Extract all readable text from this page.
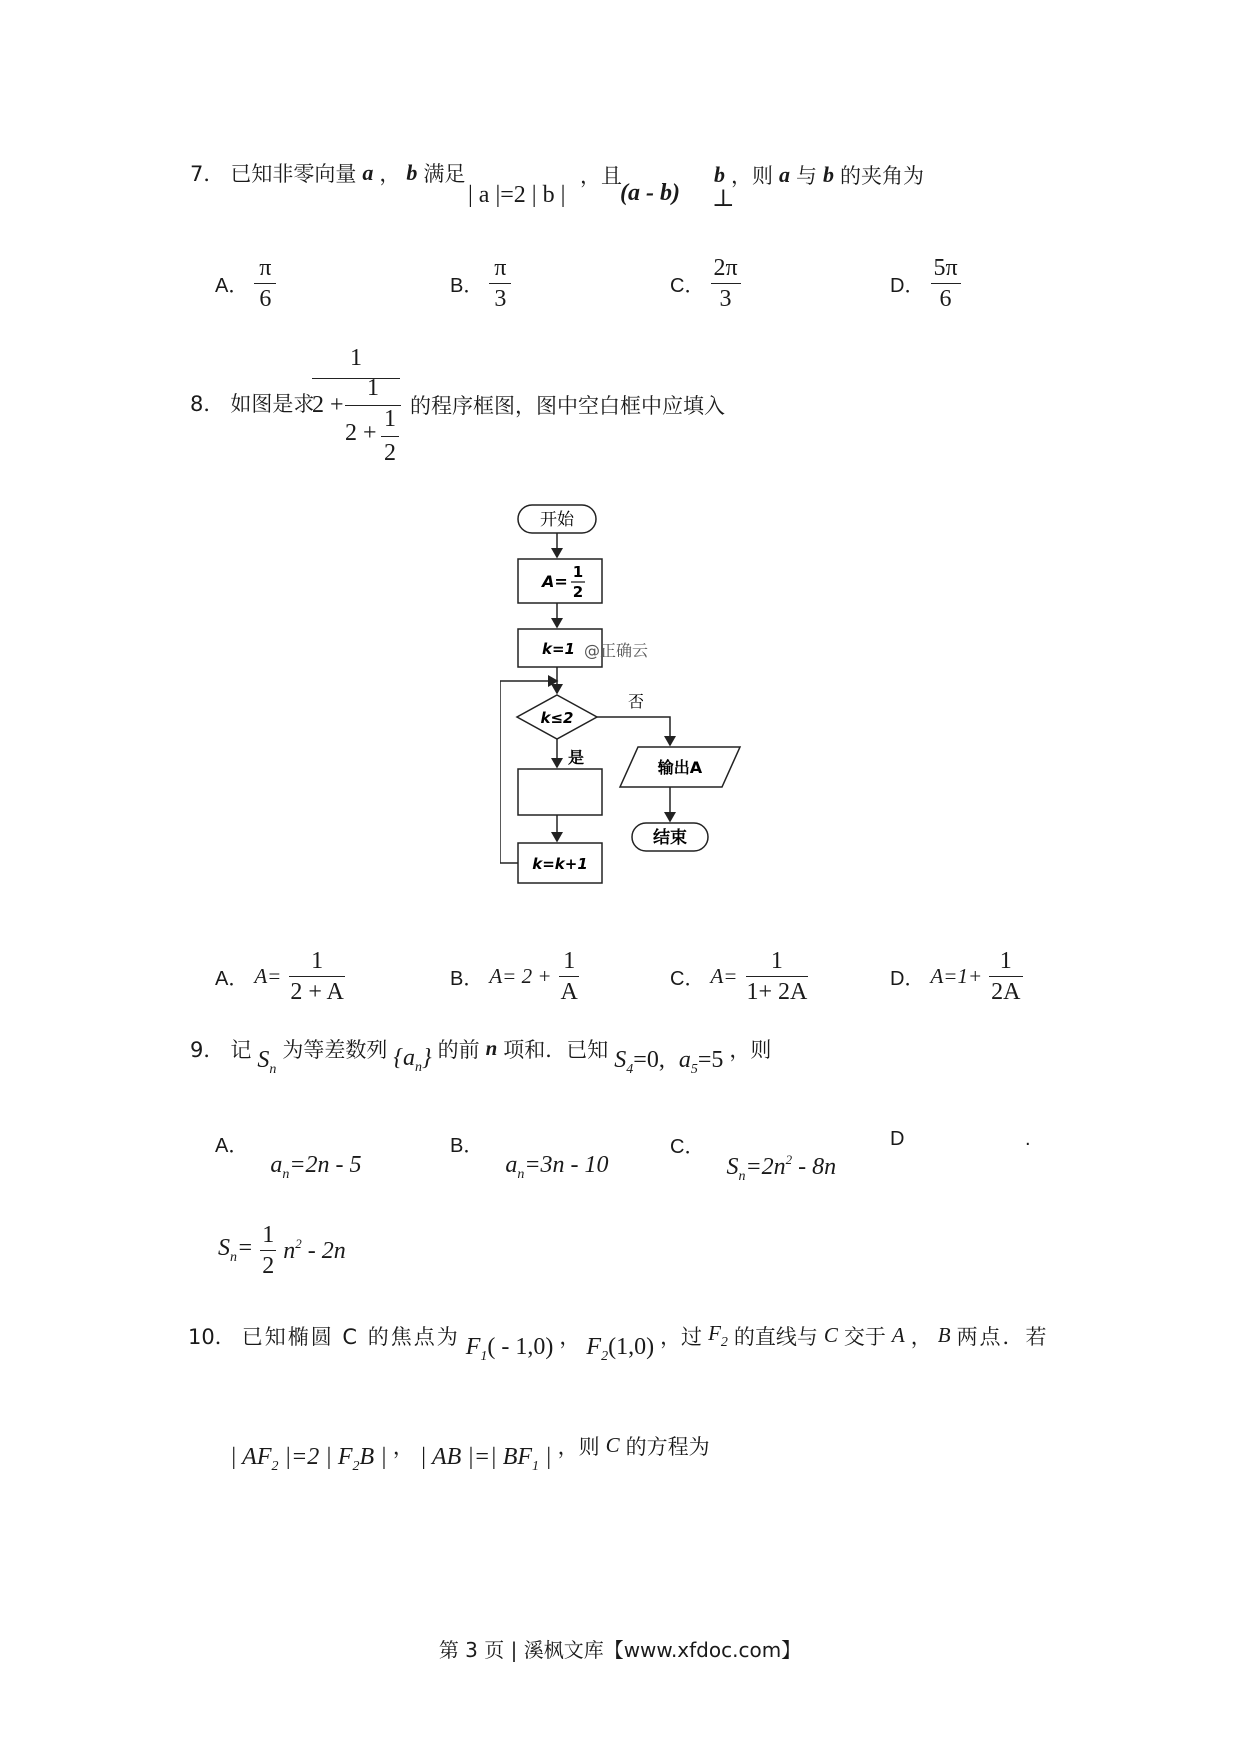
7． 已知非零向量 a ， b 满足
| a |=2 | b |
，且
(a - b) ⊥
b ，则 a 与 b 的夹角为
A． $\frac{\pi}{6}$	B． $\frac{\pi}{3}$	C． $\frac{2\pi}{3}$	D． $\frac{5\pi}{6}$
8． 如图是求
1
2 +
1
2 +
1
2
的程序框图，图中空白框中应填入
开始
A= 1
2
k=1 @正确云
k≤2
否
是
k=k+1
输出A
结束
A． $A= \frac{1}{2 + A}$	B． $A= 2 + \frac{1}{A}$	C． $A= \frac{1}{1+ 2A}$	D． $A=1+ \frac{1}{2A}$
9． 记 $S_n$
为等差数列 $\{a_n\}$ 的前 n 项和．已知 $S_4=0$, $a_5=5$ ，则
A．
$a_n=2n - 5$
B．
$a_n=3n - 10$
C．
$S_n=2n^2 - 8n$
D	.
$S_n= \frac{1}{2} n^2 - 2n$
10． 已知椭圆 C 的焦点为 $F_1( - 1,0)$ ， $F_2(1,0)$ ，过 $F_2$ 的直线与 C 交于 A ， B 两点．若
| $AF_2$ |=2 | $F_2B$ | ， | AB |=| $BF_1$ | ，则 C 的方程为
第 3 页 | 溪枫文库【www.xfdoc.com】
